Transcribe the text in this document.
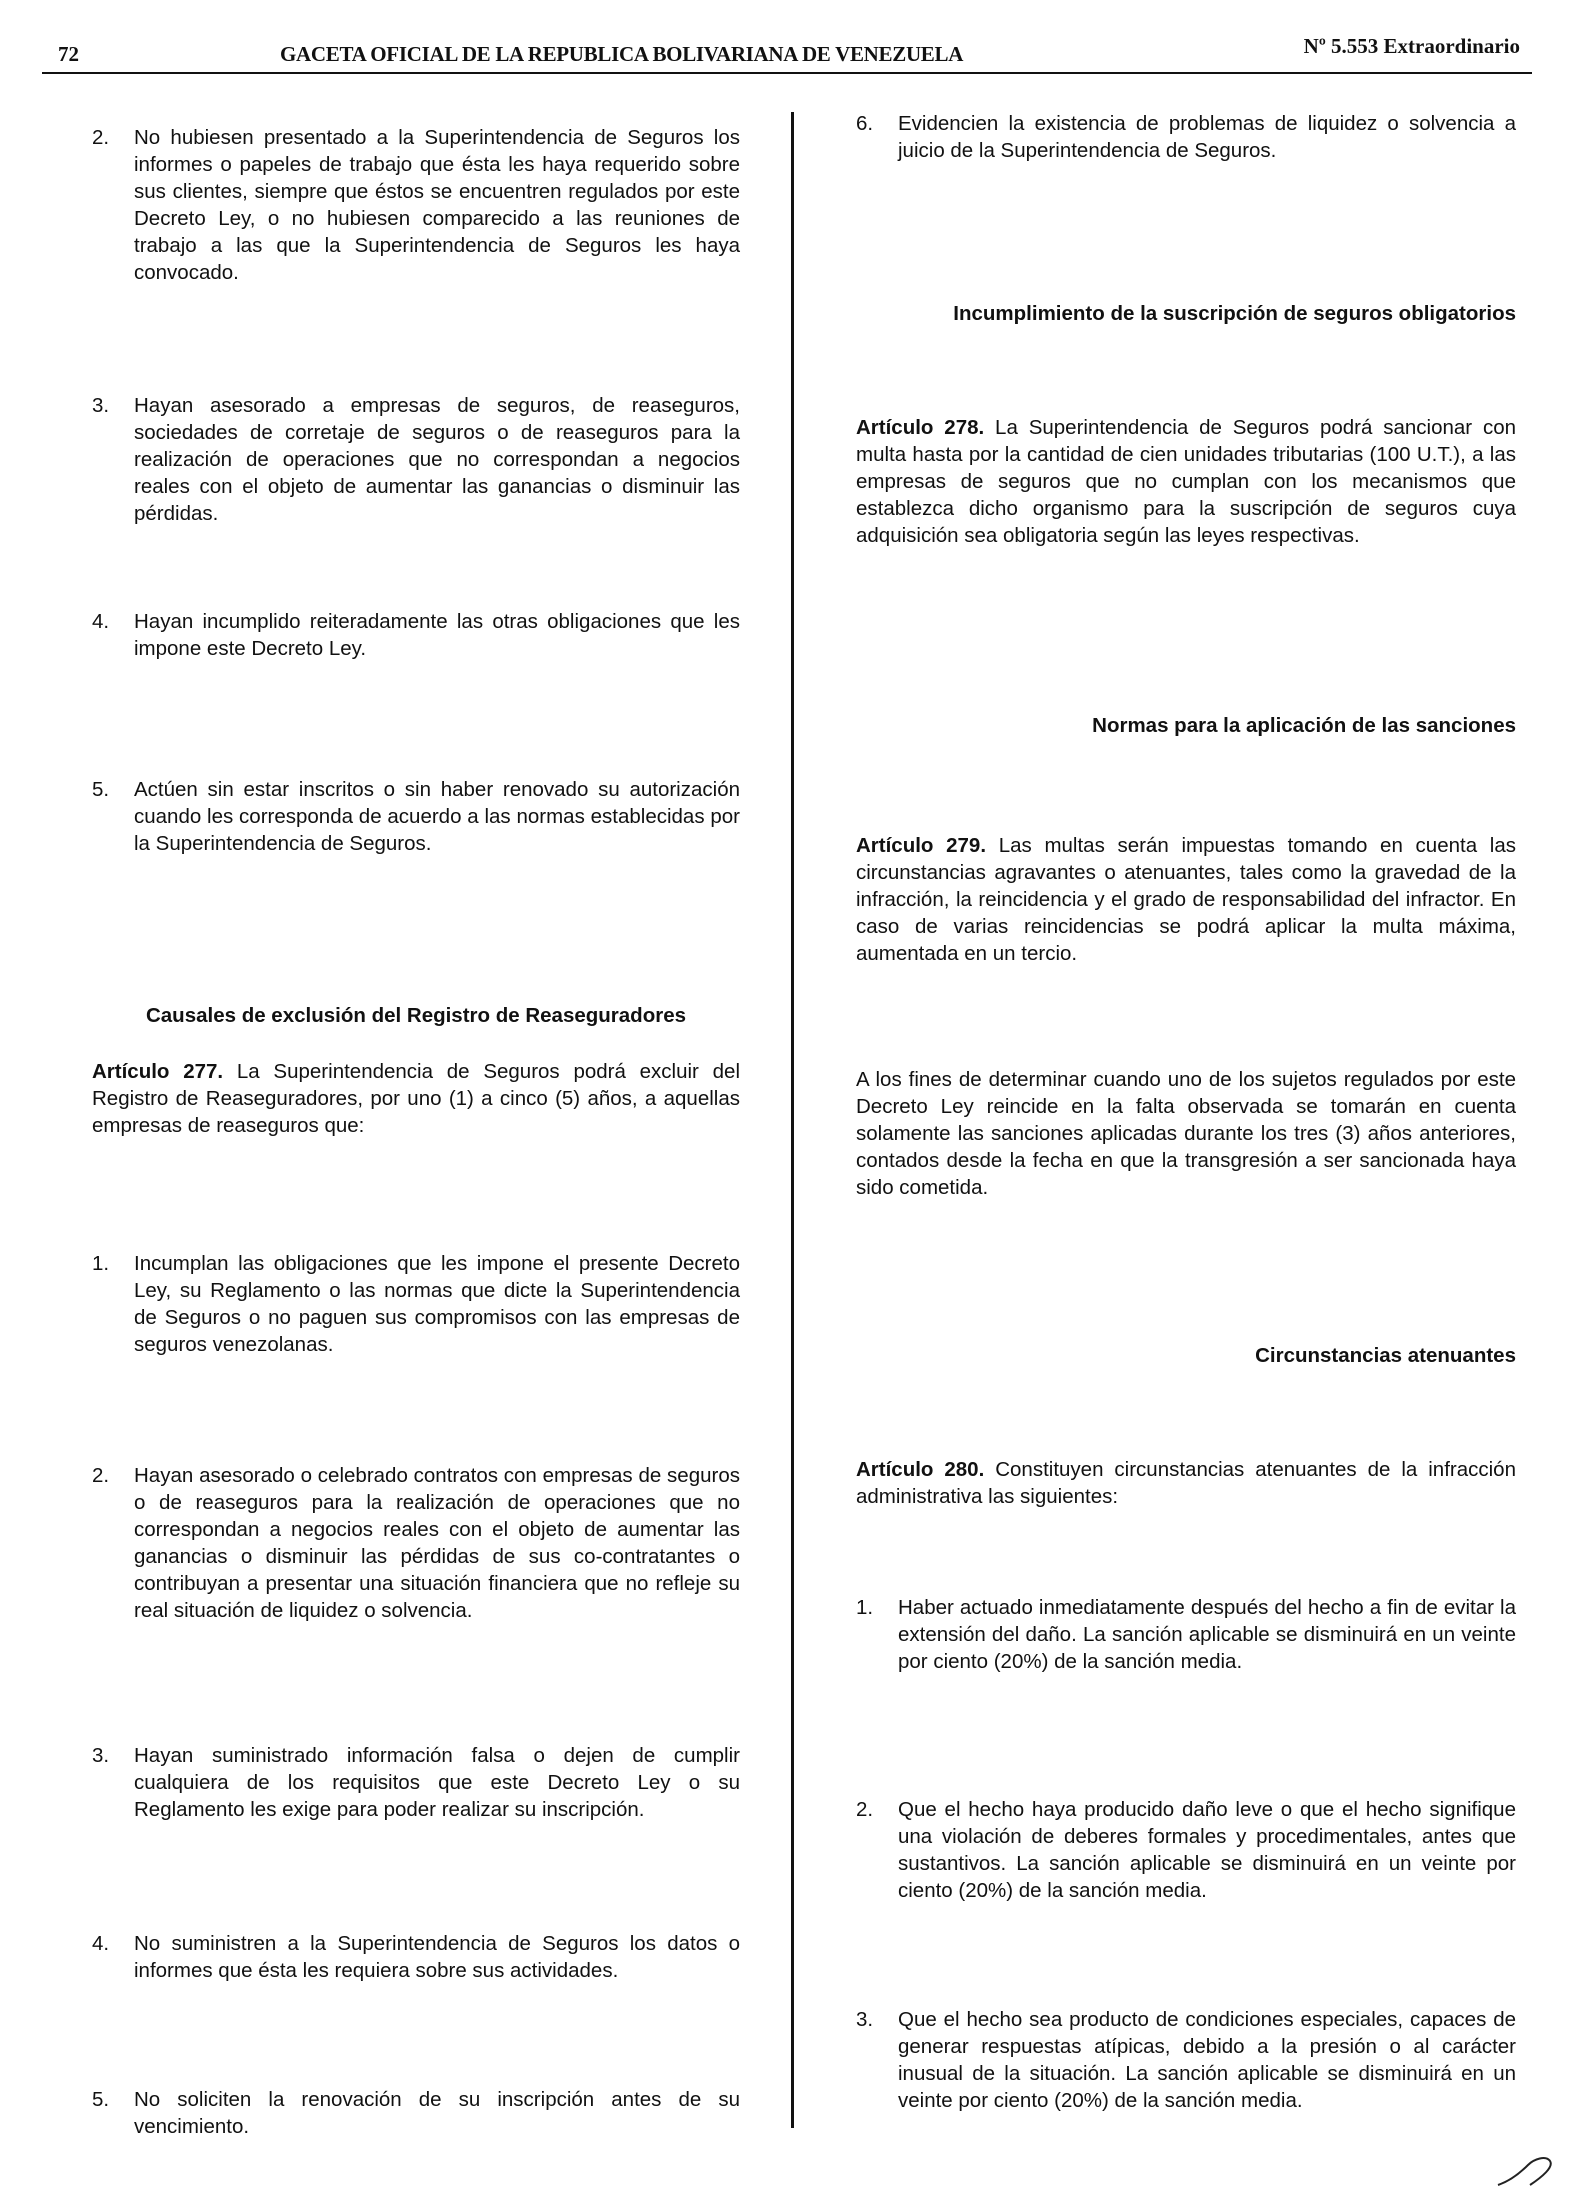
72	GACETA OFICIAL DE LA REPUBLICA BOLIVARIANA DE VENEZUELA	Nº 5.553 Extraordinario
2. No hubiesen presentado a la Superintendencia de Seguros los informes o papeles de trabajo que ésta les haya requerido sobre sus clientes, siempre que éstos se encuentren regulados por este Decreto Ley, o no hubiesen comparecido a las reuniones de trabajo a las que la Superintendencia de Seguros les haya convocado.
3. Hayan asesorado a empresas de seguros, de reaseguros, sociedades de corretaje de seguros o de reaseguros para la realización de operaciones que no correspondan a negocios reales con el objeto de aumentar las ganancias o disminuir las pérdidas.
4. Hayan incumplido reiteradamente las otras obligaciones que les impone este Decreto Ley.
5. Actúen sin estar inscritos o sin haber renovado su autorización cuando les corresponda de acuerdo a las normas establecidas por la Superintendencia de Seguros.
Causales de exclusión del Registro de Reaseguradores
Artículo 277. La Superintendencia de Seguros podrá excluir del Registro de Reaseguradores, por uno (1) a cinco (5) años, a aquellas empresas de reaseguros que:
1. Incumplan las obligaciones que les impone el presente Decreto Ley, su Reglamento o las normas que dicte la Superintendencia de Seguros o no paguen sus compromisos con las empresas de seguros venezolanas.
2. Hayan asesorado o celebrado contratos con empresas de seguros o de reaseguros para la realización de operaciones que no correspondan a negocios reales con el objeto de aumentar las ganancias o disminuir las pérdidas de sus co-contratantes o contribuyan a presentar una situación financiera que no refleje su real situación de liquidez o solvencia.
3. Hayan suministrado información falsa o dejen de cumplir cualquiera de los requisitos que este Decreto Ley o su Reglamento les exige para poder realizar su inscripción.
4. No suministren a la Superintendencia de Seguros los datos o informes que ésta les requiera sobre sus actividades.
5. No soliciten la renovación de su inscripción antes de su vencimiento.
6. Evidencien la existencia de problemas de liquidez o solvencia a juicio de la Superintendencia de Seguros.
Incumplimiento de la suscripción de seguros obligatorios
Artículo 278. La Superintendencia de Seguros podrá sancionar con multa hasta por la cantidad de cien unidades tributarias (100 U.T.), a las empresas de seguros que no cumplan con los mecanismos que establezca dicho organismo para la suscripción de seguros cuya adquisición sea obligatoria según las leyes respectivas.
Normas para la aplicación de las sanciones
Artículo 279. Las multas serán impuestas tomando en cuenta las circunstancias agravantes o atenuantes, tales como la gravedad de la infracción, la reincidencia y el grado de responsabilidad del infractor. En caso de varias reincidencias se podrá aplicar la multa máxima, aumentada en un tercio.
A los fines de determinar cuando uno de los sujetos regulados por este Decreto Ley reincide en la falta observada se tomarán en cuenta solamente las sanciones aplicadas durante los tres (3) años anteriores, contados desde la fecha en que la transgresión a ser sancionada haya sido cometida.
Circunstancias atenuantes
Artículo 280. Constituyen circunstancias atenuantes de la infracción administrativa las siguientes:
1. Haber actuado inmediatamente después del hecho a fin de evitar la extensión del daño. La sanción aplicable se disminuirá en un veinte por ciento (20%) de la sanción media.
2. Que el hecho haya producido daño leve o que el hecho signifique una violación de deberes formales y procedimentales, antes que sustantivos. La sanción aplicable se disminuirá en un veinte por ciento (20%) de la sanción media.
3. Que el hecho sea producto de condiciones especiales, capaces de generar respuestas atípicas, debido a la presión o al carácter inusual de la situación. La sanción aplicable se disminuirá en un veinte por ciento (20%) de la sanción media.
